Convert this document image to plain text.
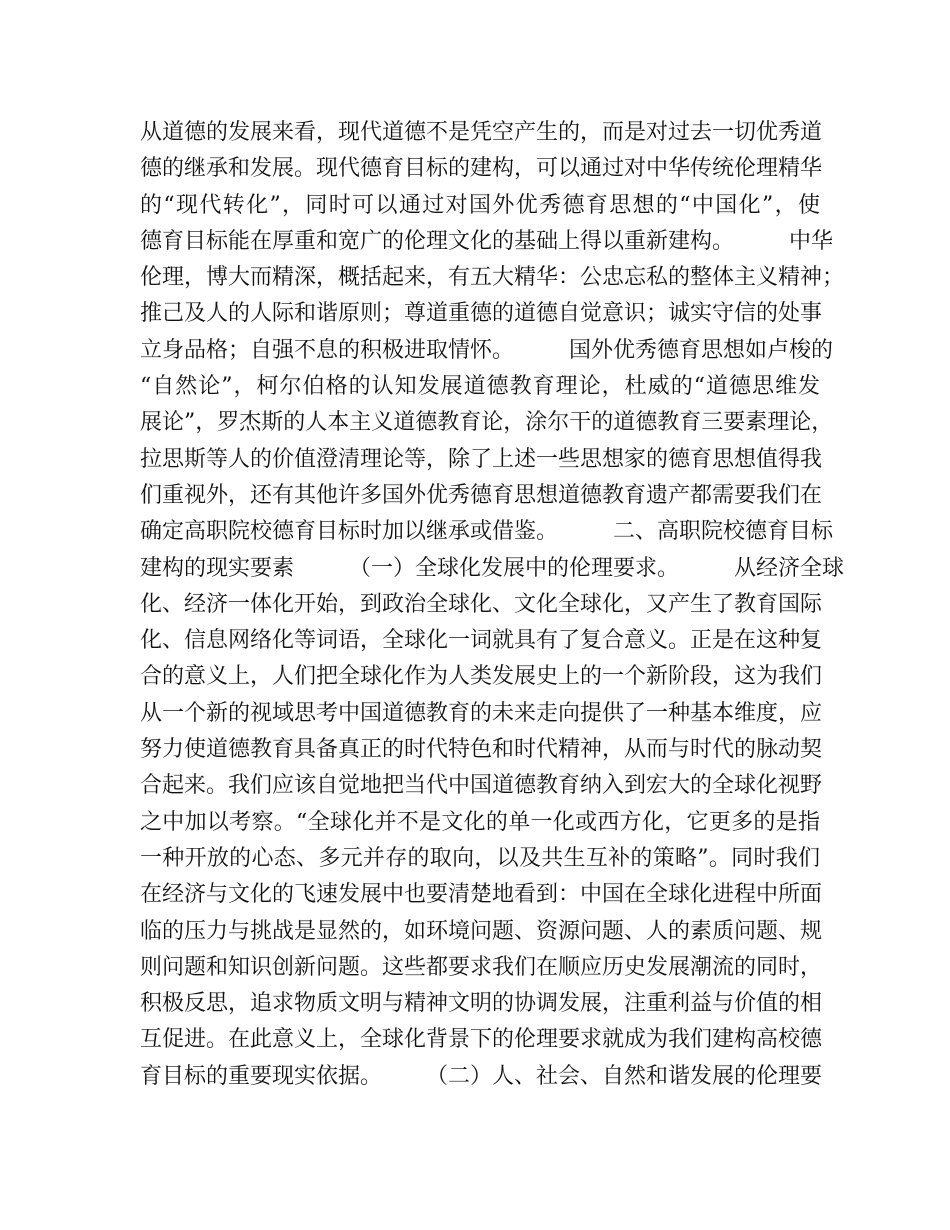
从道德的发展来看，现代道德不是凭空产生的，而是对过去一切优秀道
德的继承和发展。现代德育目标的建构，可以通过对中华传统伦理精华
的“现代转化”，同时可以通过对国外优秀德育思想的“中国化”，使
德育目标能在厚重和宽广的伦理文化的基础上得以重新建构。　　　中华
伦理，博大而精深，概括起来，有五大精华：公忠忘私的整体主义精神；
推己及人的人际和谐原则；尊道重德的道德自觉意识；诚实守信的处事
立身品格；自强不息的积极进取情怀。　　　国外优秀德育思想如卢梭的
“自然论”，柯尔伯格的认知发展道德教育理论，杜威的“道德思维发
展论”，罗杰斯的人本主义道德教育论，涂尔干的道德教育三要素理论，
拉思斯等人的价值澄清理论等，除了上述一些思想家的德育思想值得我
们重视外，还有其他许多国外优秀德育思想道德教育遗产都需要我们在
确定高职院校德育目标时加以继承或借鉴。　　　二、高职院校德育目标
建构的现实要素　　　（一）全球化发展中的伦理要求。　　　从经济全球
化、经济一体化开始，到政治全球化、文化全球化，又产生了教育国际
化、信息网络化等词语，全球化一词就具有了复合意义。正是在这种复
合的意义上，人们把全球化作为人类发展史上的一个新阶段，这为我们
从一个新的视域思考中国道德教育的未来走向提供了一种基本维度，应
努力使道德教育具备真正的时代特色和时代精神，从而与时代的脉动契
合起来。我们应该自觉地把当代中国道德教育纳入到宏大的全球化视野
之中加以考察。“全球化并不是文化的单一化或西方化，它更多的是指
一种开放的心态、多元并存的取向，以及共生互补的策略”。同时我们
在经济与文化的飞速发展中也要清楚地看到：中国在全球化进程中所面
临的压力与挑战是显然的，如环境问题、资源问题、人的素质问题、规
则问题和知识创新问题。这些都要求我们在顺应历史发展潮流的同时，
积极反思，追求物质文明与精神文明的协调发展，注重利益与价值的相
互促进。在此意义上，全球化背景下的伦理要求就成为我们建构高校德
育目标的重要现实依据。　　　（二）人、社会、自然和谐发展的伦理要
